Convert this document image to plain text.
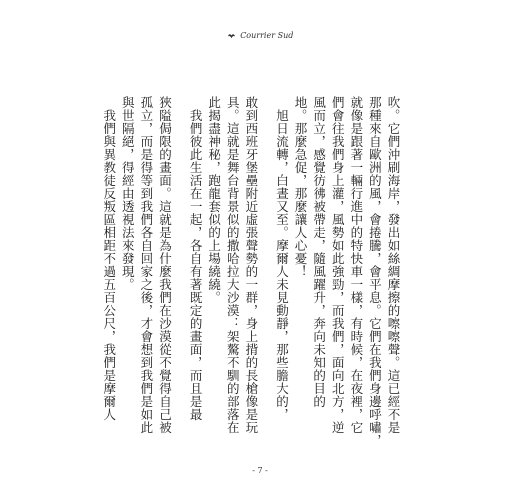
Courrier Sud

吹。它們沖刷海岸，發出如絲綢摩擦的嚓嚓聲。這已經不是

那種來自歐洲的風，會捲騰，會平息。它們在我們身邊呼嘯，

就像是跟著一輛行進中的特快車一樣，有時候，在夜裡，它

們會往我們身上灌，風勢如此強勁，而我們，面向北方，逆

風而立，感覺彷彿被帶走，隨風躍升，奔向未知的目的

地。那麼急促，那麼讓人心憂！

　旭日流轉，白晝又至。摩爾人未見動靜，那些膽大的，

敢到西班牙堡壘附近虛張聲勢的一群，身上揹的長槍像是玩

具。這就是舞台背景似的撒哈拉大沙漠：架驁不馴的部落在

此揭盡神秘，跑龍套似的上場繞繞。

　我們彼此生活在一起，各自有著既定的畫面，而且是最

狹隘侷限的畫面。這就是為什麼我們在沙漠從不覺得自己被

孤立，而是得等到我們各自回家之後，才會想到我們是如此

與世隔絕，得經由透視法來發現。

　我們與異教徒反叛區相距不過五百公尺，我們是摩爾人

- 7 -
